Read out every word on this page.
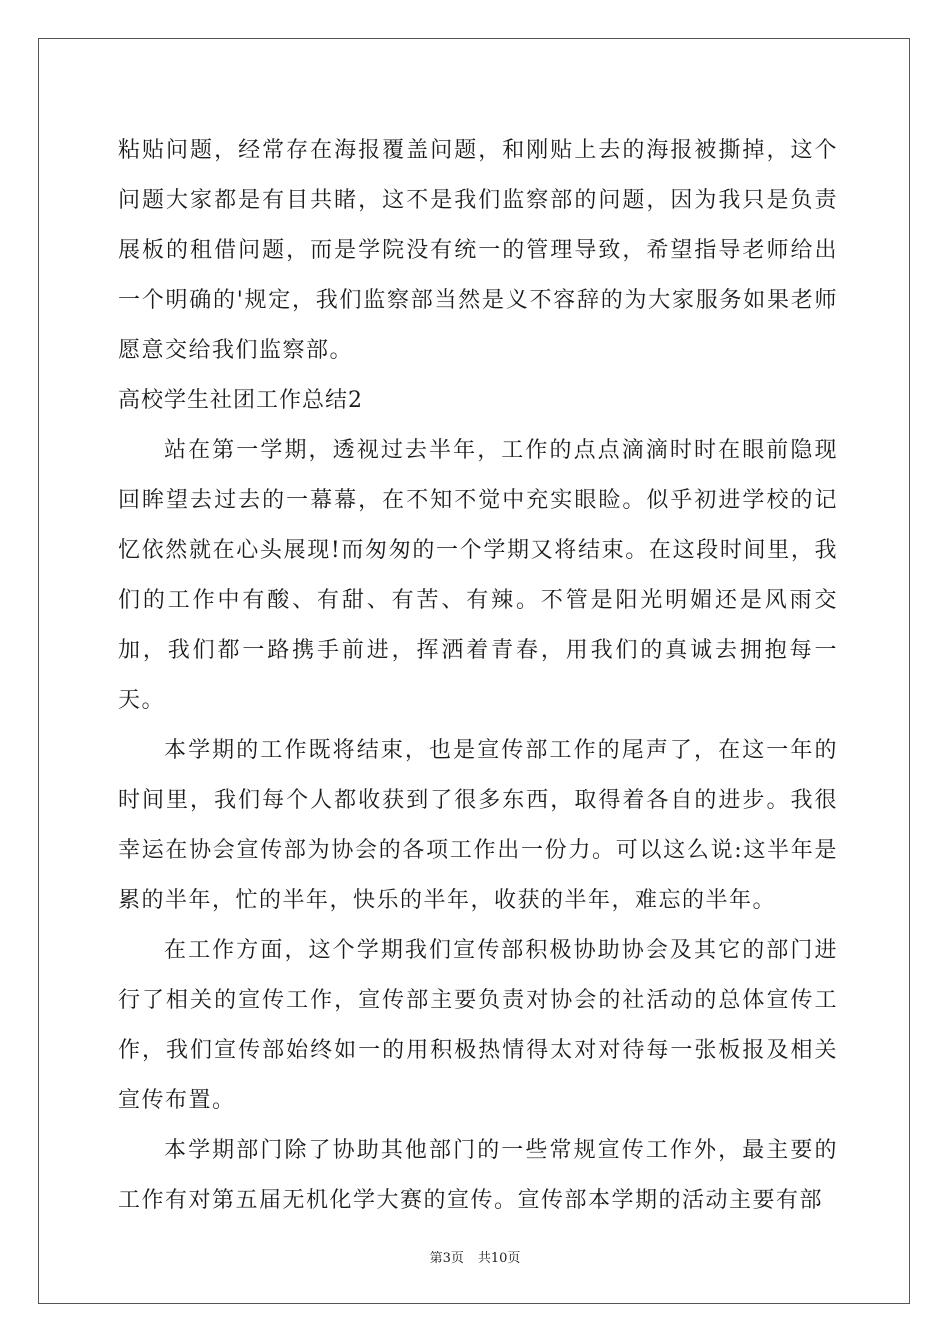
粘贴问题，经常存在海报覆盖问题，和刚贴上去的海报被撕掉，这个问题大家都是有目共睹，这不是我们监察部的问题，因为我只是负责展板的租借问题，而是学院没有统一的管理导致，希望指导老师给出一个明确的'规定，我们监察部当然是义不容辞的为大家服务如果老师愿意交给我们监察部。

高校学生社团工作总结2

站在第一学期，透视过去半年，工作的点点滴滴时时在眼前隐现回眸望去过去的一幕幕，在不知不觉中充实眼睑。似乎初进学校的记忆依然就在心头展现!而匆匆的一个学期又将结束。在这段时间里，我们的工作中有酸、有甜、有苦、有辣。不管是阳光明媚还是风雨交加，我们都一路携手前进，挥洒着青春，用我们的真诚去拥抱每一天。

本学期的工作既将结束，也是宣传部工作的尾声了，在这一年的时间里，我们每个人都收获到了很多东西，取得着各自的进步。我很幸运在协会宣传部为协会的各项工作出一份力。可以这么说:这半年是累的半年，忙的半年，快乐的半年，收获的半年，难忘的半年。

在工作方面，这个学期我们宣传部积极协助协会及其它的部门进行了相关的宣传工作，宣传部主要负责对协会的社活动的总体宣传工作，我们宣传部始终如一的用积极热情得太对对待每一张板报及相关宣传布置。

本学期部门除了协助其他部门的一些常规宣传工作外，最主要的工作有对第五届无机化学大赛的宣传。宣传部本学期的活动主要有部

第3页 共10页
